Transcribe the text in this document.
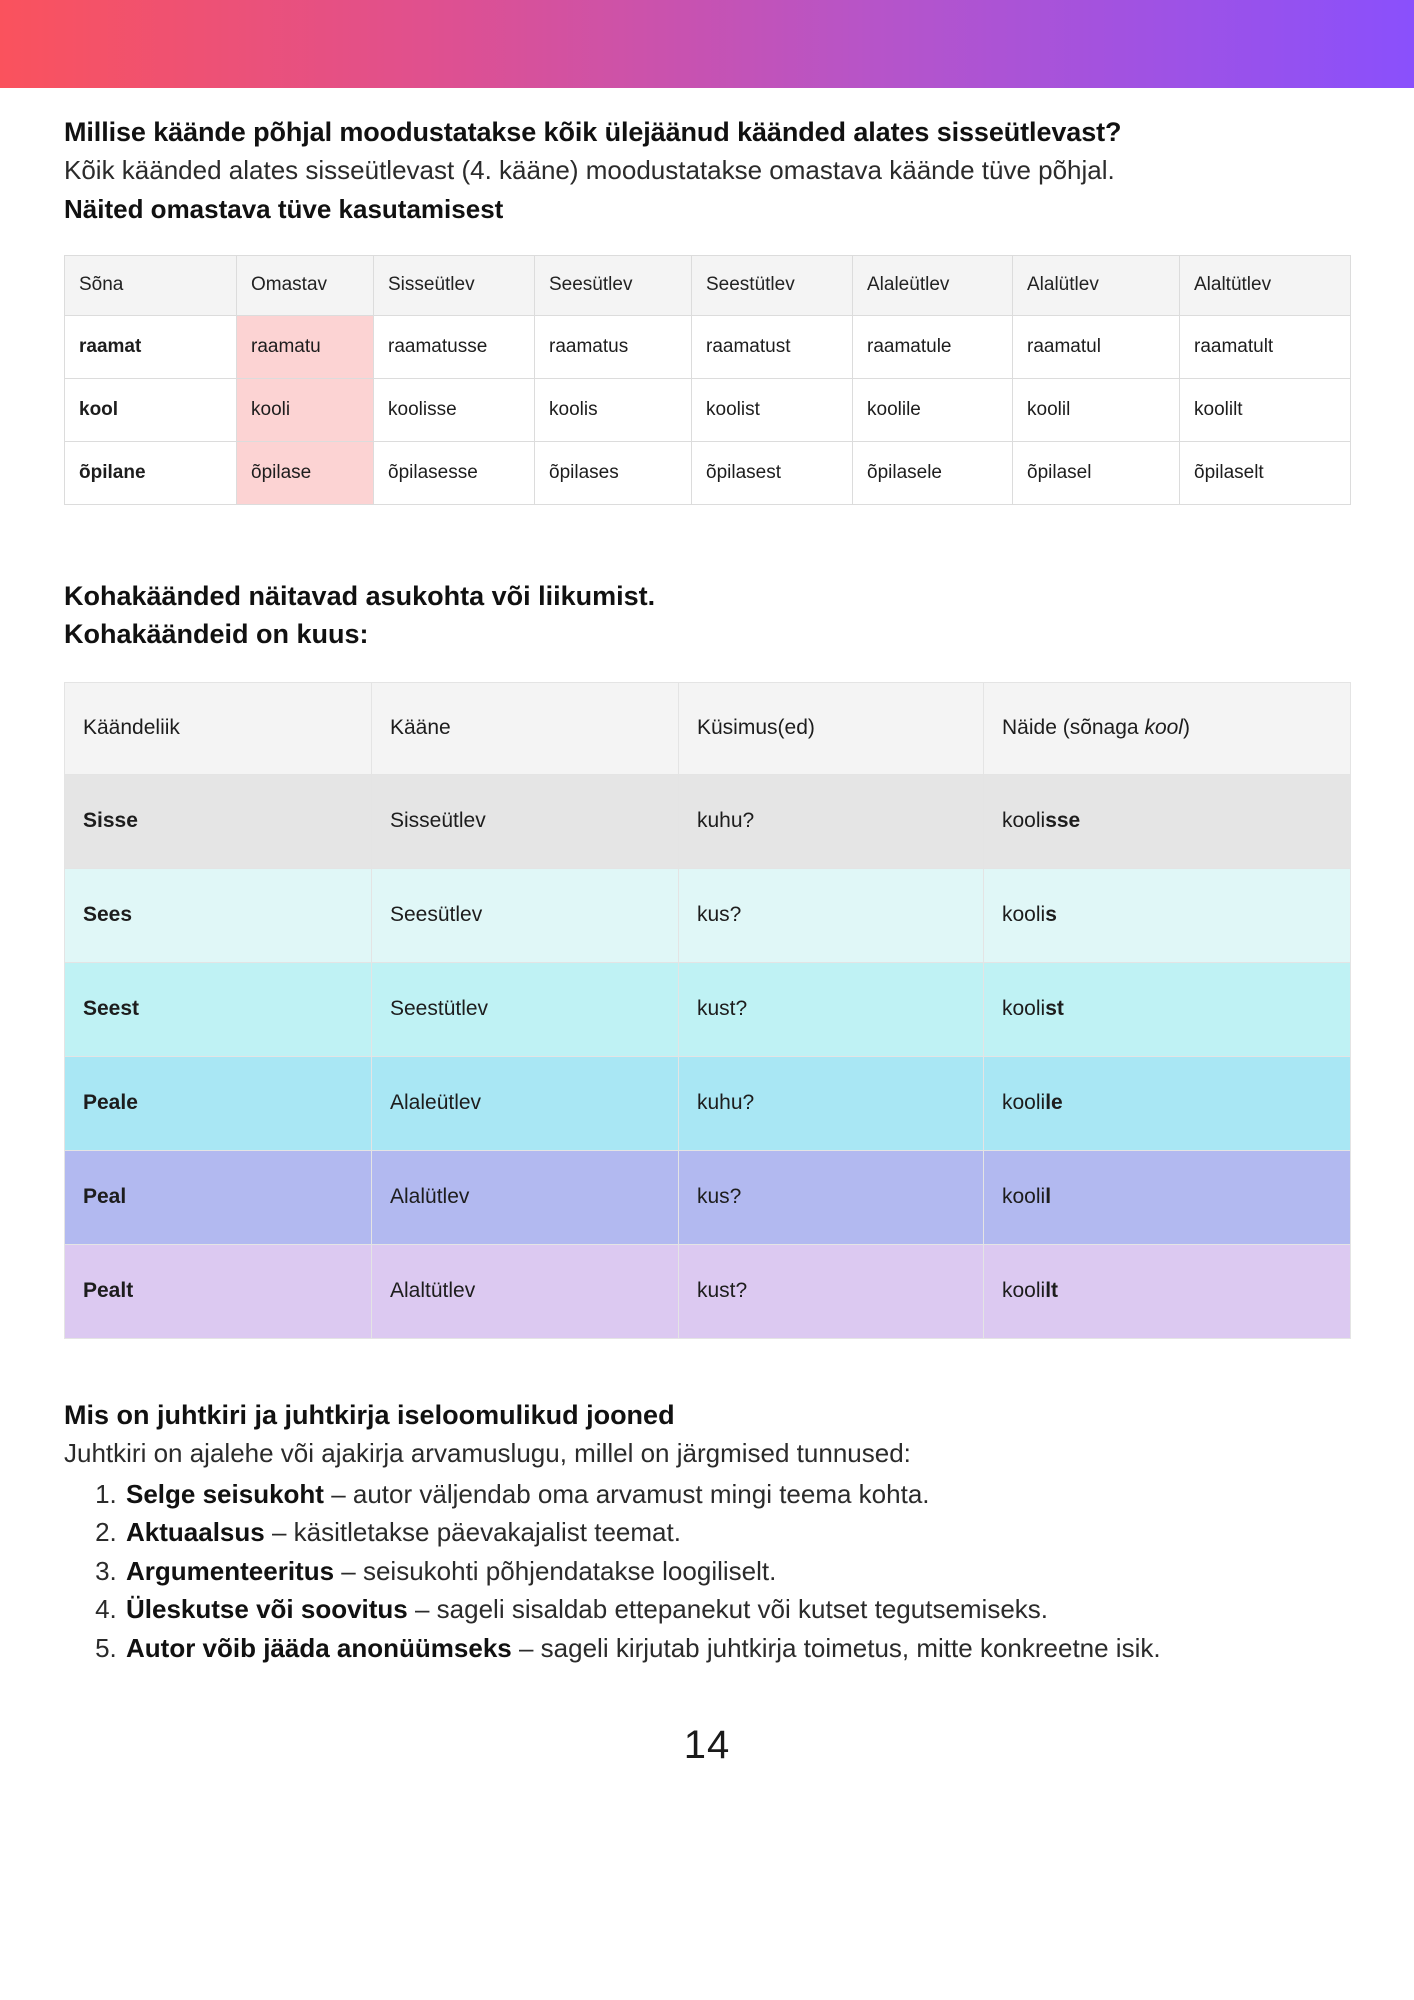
Millise käände põhjal moodustatakse kõik ülejäänud käänded alates sisseütlevast?

Kõik käänded alates sisseütlevast (4. kääne) moodustatakse omastava käände tüve põhjal.

Näited omastava tüve kasutamisest
Sõna	Omastav	Sisseütlev	Seesütlev	Seestütlev	Alaleütlev	Alalütlev	Alaltütlev
raamat	raamatu	raamatusse	raamatus	raamatust	raamatule	raamatul	raamatult
kool	kooli	koolisse	koolis	koolist	koolile	koolil	koolilt
õpilane	õpilase	õpilasesse	õpilases	õpilasest	õpilasele	õpilasel	õpilaselt
Kohakäänded näitavad asukohta või liikumist.
Kohakäändeid on kuus:
Käändeliik	Kääne	Küsimus(ed)	Näide (sõnaga kool)
Sisse	Sisseütlev	kuhu?	koolisse
Sees	Seesütlev	kus?	koolis
Seest	Seestütlev	kust?	koolist
Peale	Alaleütlev	kuhu?	koolile
Peal	Alalütlev	kus?	koolil
Pealt	Alaltütlev	kust?	koolilt
Mis on juhtkiri ja juhtkirja iseloomulikud jooned

Juhtkiri on ajalehe või ajakirja arvamuslugu, millel on järgmised tunnused:

1. Selge seisukoht – autor väljendab oma arvamust mingi teema kohta.
2. Aktuaalsus – käsitletakse päevakajalist teemat.
3. Argumenteeritus – seisukohti põhjendatakse loogiliselt.
4. Üleskutse või soovitus – sageli sisaldab ettepanekut või kutset tegutsemiseks.
5. Autor võib jääda anonüümseks – sageli kirjutab juhtkirja toimetus, mitte konkreetne isik.
14
